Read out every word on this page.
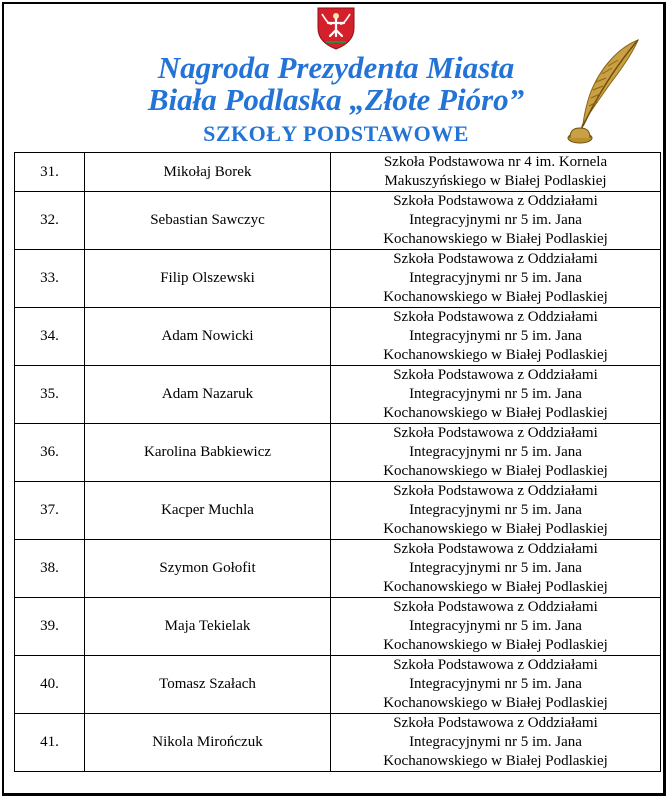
Nagroda Prezydenta Miasta
Biała Podlaska „Złote Pióro”
SZKOŁY PODSTAWOWE
31.	Mikołaj Borek	Szkoła Podstawowa nr 4 im. Kornela
Makuszyńskiego w Białej Podlaskiej

32.	Sebastian Sawczyc	Szkoła Podstawowa z Oddziałami
Integracyjnymi nr 5 im. Jana
Kochanowskiego w Białej Podlaskiej

33.	Filip Olszewski	Szkoła Podstawowa z Oddziałami
Integracyjnymi nr 5 im. Jana
Kochanowskiego w Białej Podlaskiej

34.	Adam Nowicki	Szkoła Podstawowa z Oddziałami
Integracyjnymi nr 5 im. Jana
Kochanowskiego w Białej Podlaskiej

35.	Adam Nazaruk	Szkoła Podstawowa z Oddziałami
Integracyjnymi nr 5 im. Jana
Kochanowskiego w Białej Podlaskiej

36.	Karolina Babkiewicz	Szkoła Podstawowa z Oddziałami
Integracyjnymi nr 5 im. Jana
Kochanowskiego w Białej Podlaskiej

37.	Kacper Muchla	Szkoła Podstawowa z Oddziałami
Integracyjnymi nr 5 im. Jana
Kochanowskiego w Białej Podlaskiej

38.	Szymon Gołofit	Szkoła Podstawowa z Oddziałami
Integracyjnymi nr 5 im. Jana
Kochanowskiego w Białej Podlaskiej

39.	Maja Tekielak	Szkoła Podstawowa z Oddziałami
Integracyjnymi nr 5 im. Jana
Kochanowskiego w Białej Podlaskiej

40.	Tomasz Szałach	Szkoła Podstawowa z Oddziałami
Integracyjnymi nr 5 im. Jana
Kochanowskiego w Białej Podlaskiej

41.	Nikola Mirończuk	Szkoła Podstawowa z Oddziałami
Integracyjnymi nr 5 im. Jana
Kochanowskiego w Białej Podlaskiej
